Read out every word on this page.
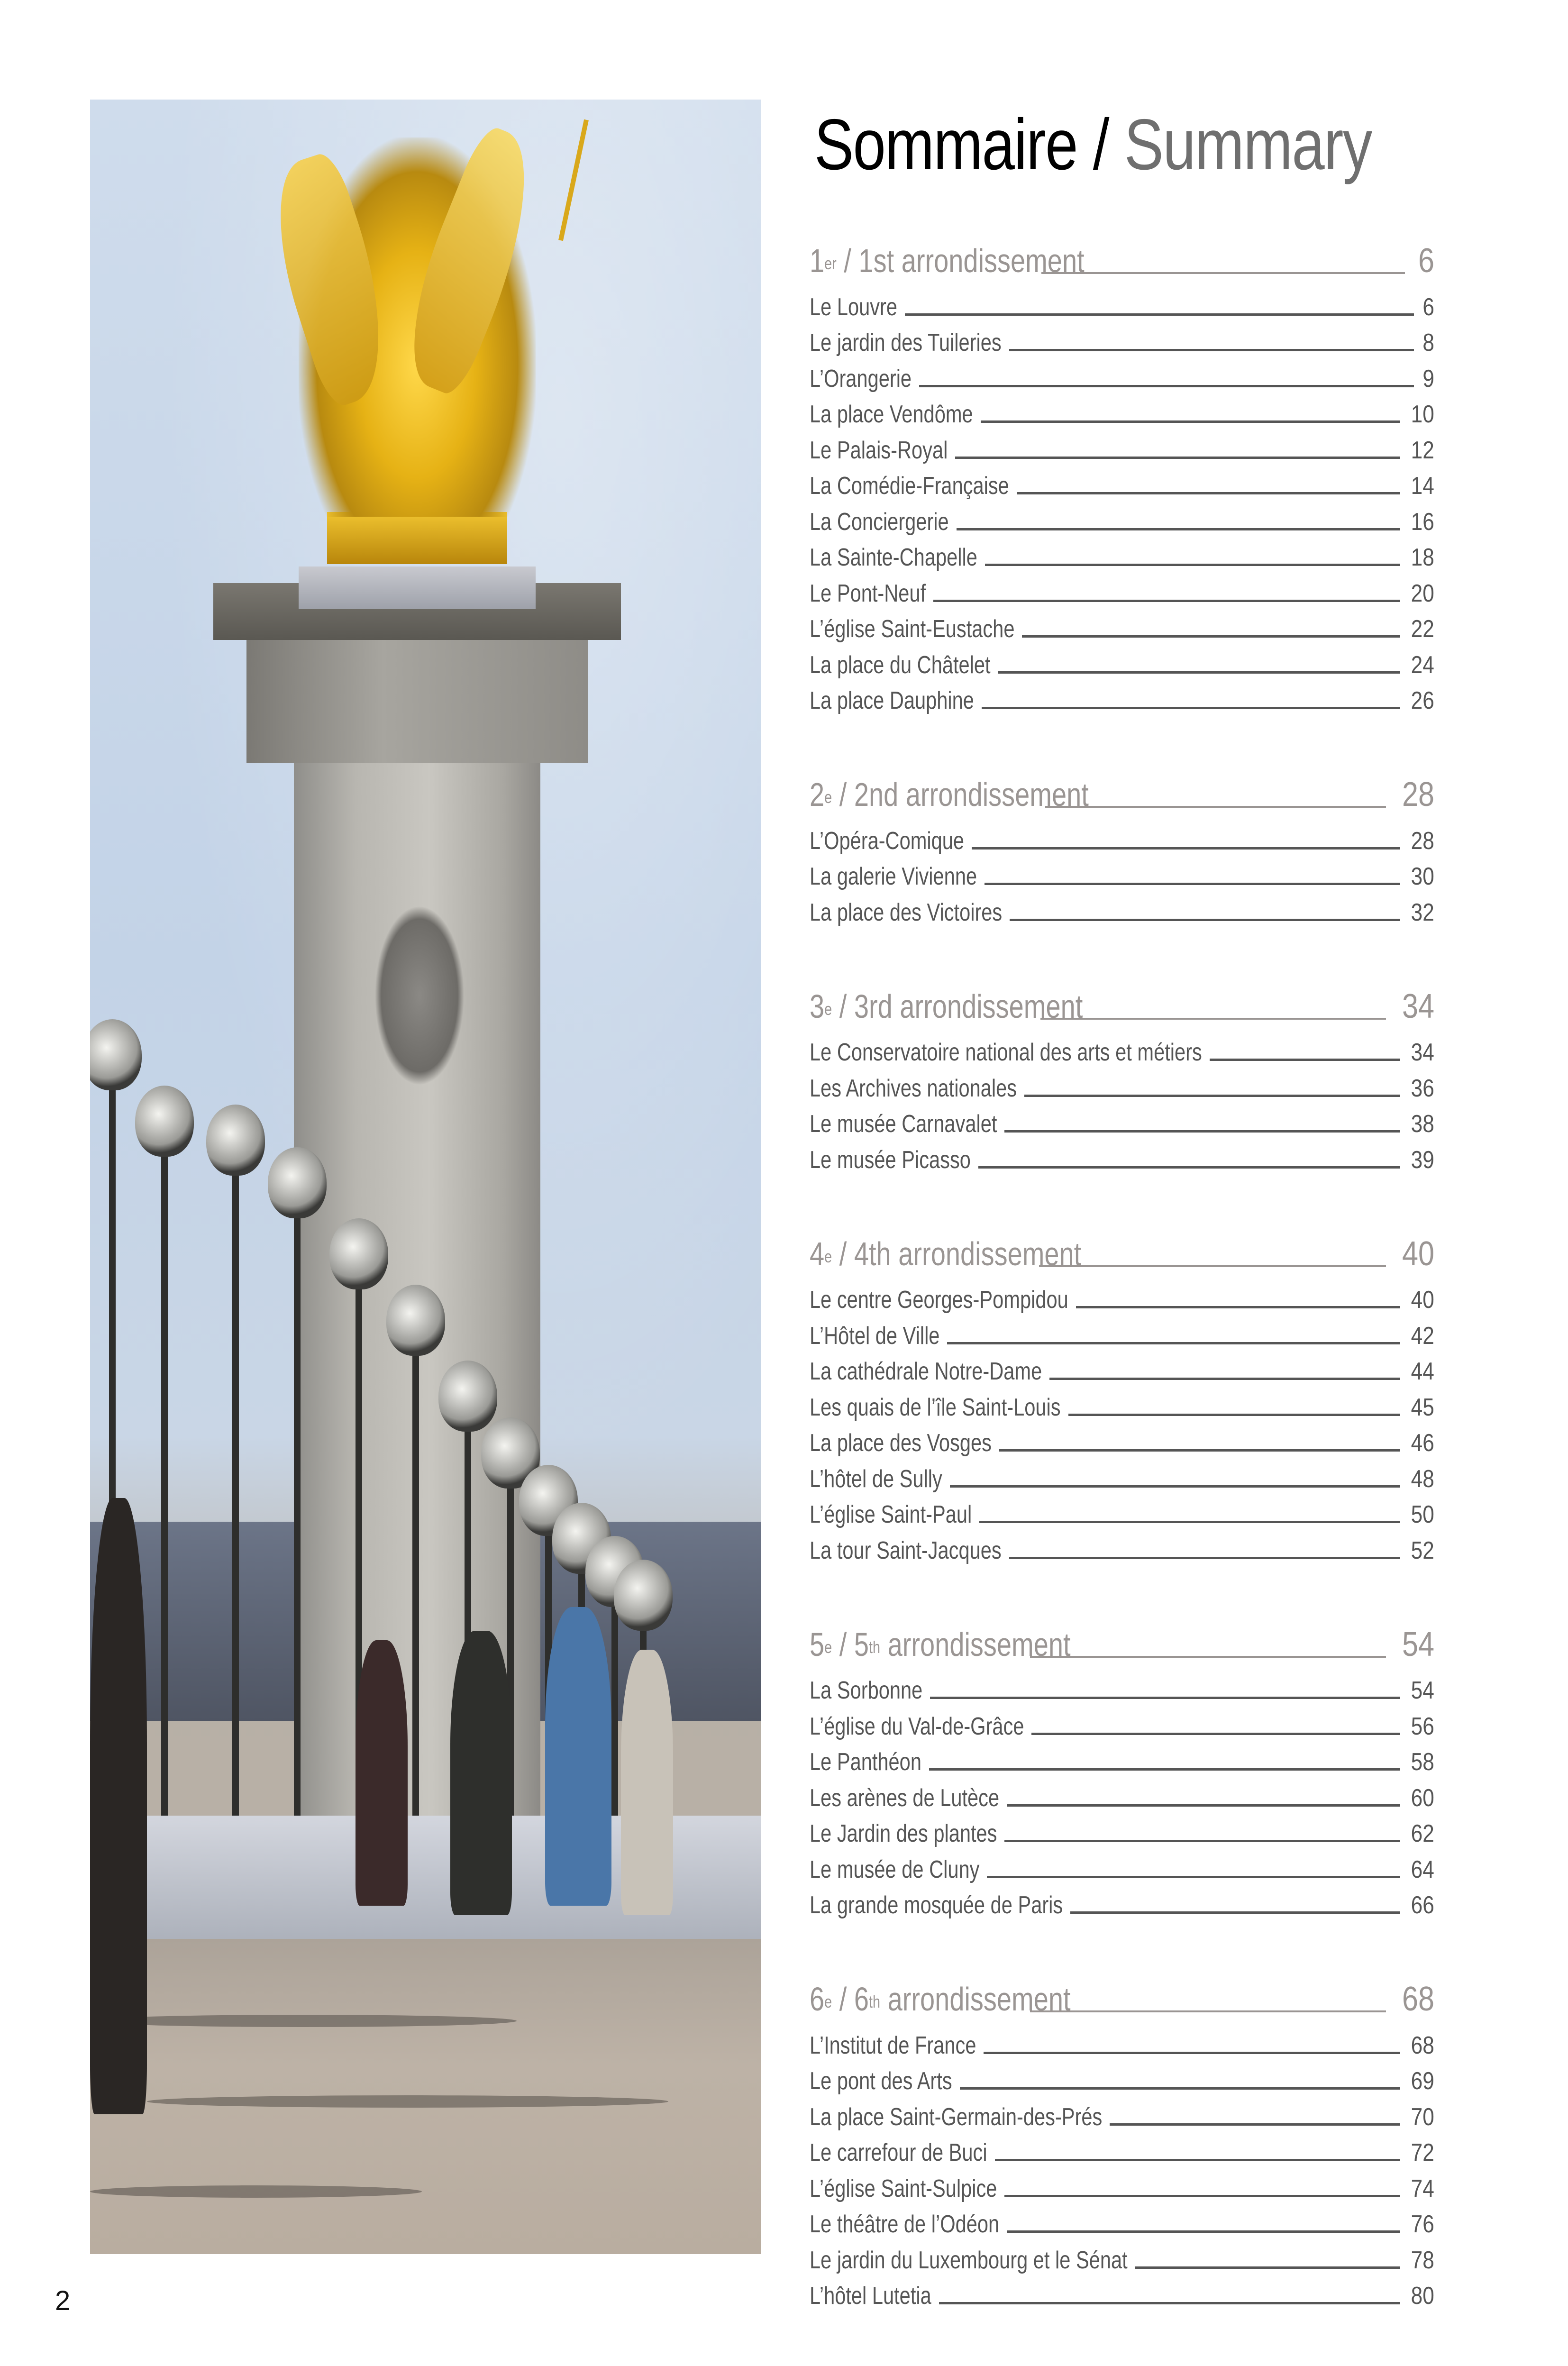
Sommaire / Summary
1er / 1st arrondissement	6
Le Louvre	6
Le jardin des Tuileries	8
L’Orangerie	9
La place Vendôme	10
Le Palais-Royal	12
La Comédie-Française	14
La Conciergerie	16
La Sainte-Chapelle	18
Le Pont-Neuf	20
L’église Saint-Eustache	22
La place du Châtelet	24
La place Dauphine	26
2e / 2nd arrondissement	28
L’Opéra-Comique	28
La galerie Vivienne	30
La place des Victoires	32
3e / 3rd arrondissement	34
Le Conservatoire national des arts et métiers	34
Les Archives nationales	36
Le musée Carnavalet	38
Le musée Picasso	39
4e / 4th arrondissement	40
Le centre Georges-Pompidou	40
L’Hôtel de Ville	42
La cathédrale Notre-Dame	44
Les quais de l’île Saint-Louis	45
La place des Vosges	46
L’hôtel de Sully	48
L’église Saint-Paul	50
La tour Saint-Jacques	52
5e / 5th arrondissement	54
La Sorbonne	54
L’église du Val-de-Grâce	56
Le Panthéon	58
Les arènes de Lutèce	60
Le Jardin des plantes	62
Le musée de Cluny	64
La grande mosquée de Paris	66
6e / 6th arrondissement	68
L’Institut de France	68
Le pont des Arts	69
La place Saint-Germain-des-Prés	70
Le carrefour de Buci	72
L’église Saint-Sulpice	74
Le théâtre de l’Odéon	76
Le jardin du Luxembourg et le Sénat	78
L’hôtel Lutetia	80
2
